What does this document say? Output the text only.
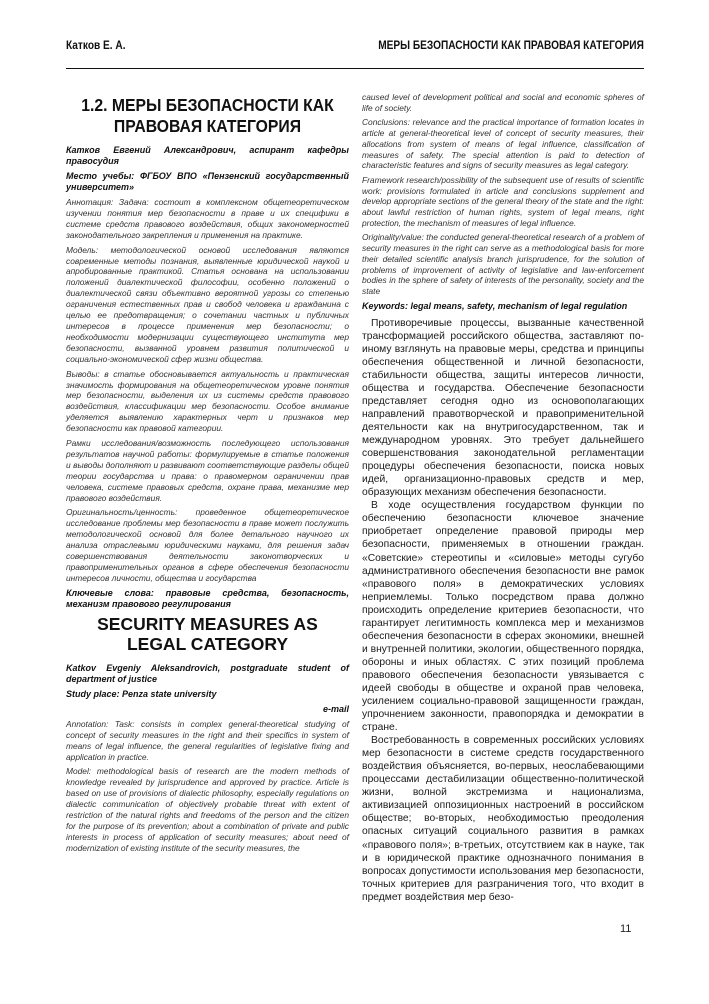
Катков Е. А.	МЕРЫ БЕЗОПАСНОСТИ КАК ПРАВОВАЯ КАТЕГОРИЯ
1.2. МЕРЫ БЕЗОПАСНОСТИ КАК ПРАВОВАЯ КАТЕГОРИЯ

Катков Евгений Александрович, аспирант кафедры правосудия

Место учебы: ФГБОУ ВПО «Пензенский государственный университет»

Аннотация: Задача: состоит в комплексном общетеоретическом изучении понятия мер безопасности в праве и их специфики в системе средств правового воздействия, общих закономерностей законодательного закрепления и применения на практике.

Модель: методологической основой исследования являются современные методы познания, выявленные юридической наукой и апробированные практикой. Статья основана на использовании положений диалектической философии, особенно положений о диалектической связи объективно вероятной угрозы со степенью ограничения естественных прав и свобод человека и гражданина с целью ее предотвращения; о сочетании частных и публичных интересов в процессе применения мер безопасности; о необходимости модернизации существующего института мер безопасности, вызванной уровнем развития политической и социально-экономической сфер жизни общества.

Выводы: в статье обосновывается актуальность и практическая значимость формирования на общетеоретическом уровне понятия мер безопасности, выделения их из системы средств правового воздействия, классификации мер безопасности. Особое внимание уделяется выявлению характерных черт и признаков мер безопасности как правовой категории.

Рамки исследования/возможность последующего использования результатов научной работы: формулируемые в статье положения и выводы дополняют и развивают соответствующие разделы общей теории государства и права: о правомерном ограничении прав человека, системе правовых средств, охране права, механизме мер правового воздействия.

Оригинальность/ценность: проведенное общетеоретическое исследование проблемы мер безопасности в праве может послужить методологической основой для более детального научного их анализа отраслевыми юридическими науками, для решения задач совершенствования деятельности законотворческих и правоприменительных органов в сфере обеспечения безопасности интересов личности, общества и государства

Ключевые слова: правовые средства, безопасность, механизм правового регулирования

SECURITY MEASURES AS LEGAL CATEGORY

Katkov Evgeniy Aleksandrovich, postgraduate student of department of justice

Study place: Penza state university

e-mail

Annotation: Task: consists in complex general-theoretical studying of concept of security measures in the right and their specifics in system of means of legal influence, the general regularities of legislative fixing and application in practice.

Model: methodological basis of research are the modern methods of knowledge revealed by jurisprudence and approved by practice. Article is based on use of provisions of dialectic philosophy, especially regulations on dialectic communication of objectively probable threat with extent of restriction of the natural rights and freedoms of the person and the citizen for the purpose of its prevention; about a combination of private and public interests in process of application of security measures; about need of modernization of existing institute of the security measures, the

caused level of development political and social and economic spheres of life of society.

Conclusions: relevance and the practical importance of formation locates in article at general-theoretical level of concept of security measures, their allocations from system of means of legal influence, classification of measures of safety. The special attention is paid to detection of characteristic features and signs of security measures as legal category.

Framework research/possibility of the subsequent use of results of scientific work: provisions formulated in article and conclusions supplement and develop appropriate sections of the general theory of the state and the right: about lawful restriction of human rights, system of legal means, right protection, the mechanism of measures of legal influence.

Originality/value: the conducted general-theoretical research of a problem of security measures in the right can serve as a methodological basis for more their detailed scientific analysis branch jurisprudence, for the solution of problems of improvement of activity of legislative and law-enforcement bodies in the sphere of safety of interests of the personality, society and the state

Keywords: legal means, safety, mechanism of legal regulation

Противоречивые процессы, вызванные качественной трансформацией российского общества, заставляют по-иному взглянуть на правовые меры, средства и принципы обеспечения общественной и личной безопасности, стабильности общества, защиты интересов личности, общества и государства. Обеспечение безопасности представляет сегодня одно из основополагающих направлений правотворческой и правоприменительной деятельности как на внутригосударственном, так и международном уровнях. Это требует дальнейшего совершенствования законодательной регламентации процедуры обеспечения безопасности, поиска новых идей, организационно-правовых средств и мер, образующих механизм обеспечения безопасности.

В ходе осуществления государством функции по обеспечению безопасности ключевое значение приобретает определение правовой природы мер безопасности, применяемых в отношении граждан. «Советские» стереотипы и «силовые» методы сугубо административного обеспечения безопасности вне рамок «правового поля» в демократических условиях неприемлемы. Только посредством права должно происходить определение критериев безопасности, что гарантирует легитимность комплекса мер и механизмов обеспечения безопасности в сферах экономики, внешней и внутренней политики, экологии, общественного порядка, обороны и иных областях. С этих позиций проблема правового обеспечения безопасности увязывается с идеей свободы в обществе и охраной прав человека, усилением социально-правовой защищенности граждан, упрочнением законности, правопорядка и демократии в стране.

Востребованность в современных российских условиях мер безопасности в системе средств государственного воздействия объясняется, во-первых, неослабевающими процессами дестабилизации общественно-политической жизни, волной экстремизма и национализма, активизацией оппозиционных настроений в российском обществе; во-вторых, необходимостью преодоления опасных ситуаций социального развития в рамках «правового поля»; в-третьих, отсутствием как в науке, так и в юридической практике однозначного понимания в вопросах допустимости использования мер безопасности, точных критериев для разграничения того, что входит в предмет воздействия мер безо-

11
